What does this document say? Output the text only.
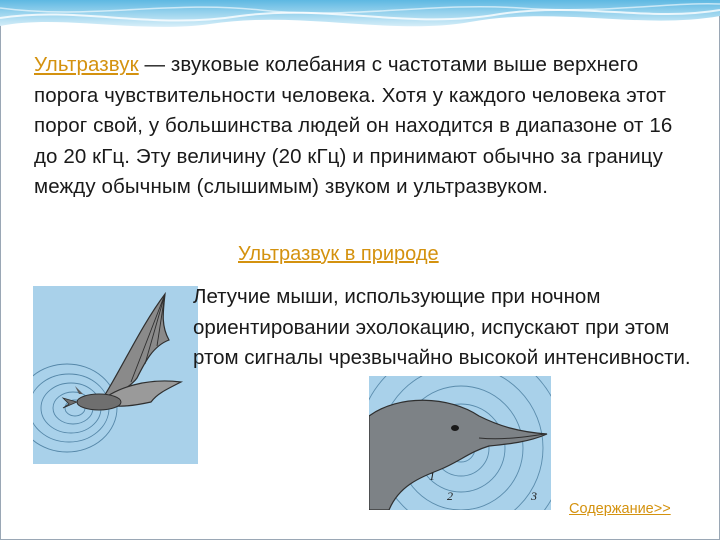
Ультразвук — звуковые колебания с частотами выше верхнего порога чувствительности человека. Хотя у каждого человека этот порог свой, у большинства людей он находится в диапазоне от 16 до 20 кГц. Эту величину (20 кГц) и принимают обычно за границу между обычным (слышимым) звуком и ультразвуком.

Ультразвук в природе

Летучие мыши, использующие при ночном ориентировании эхолокацию, испускают при этом ртом сигналы чрезвычайно высокой интенсивности.

1
2	3
Содержание>>
